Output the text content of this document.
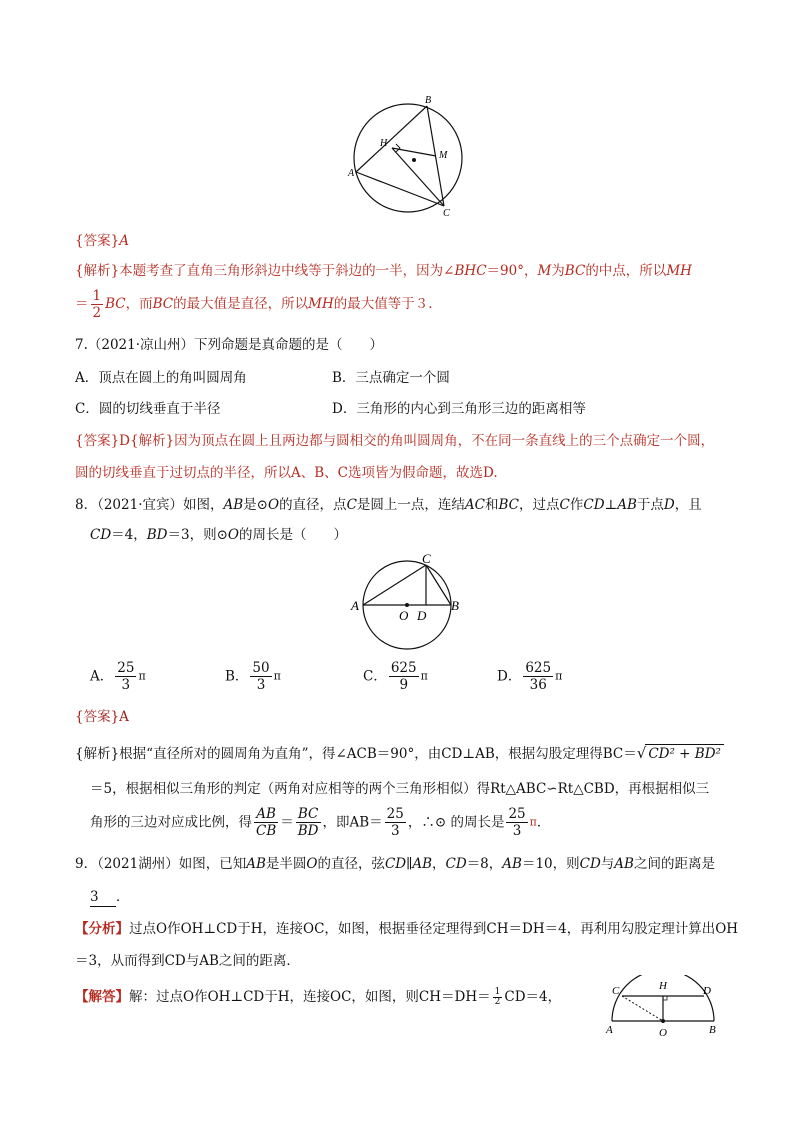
B
H
M
A
C
{答案}A
{解析}本题考查了直角三角形斜边中线等于斜边的一半，因为∠BHC＝90°，M为BC的中点，所以MH
＝ $\frac{1}{2}$ BC，而BC的最大值是直径，所以MH的最大值等于３.
7.（2021·凉山州）下列命题是真命题的是（　　）
A．顶点在圆上的角叫圆周角	B．三点确定一个圆
C．圆的切线垂直于半径	D．三角形的内心到三角形三边的距离相等
{答案}D{解析}因为顶点在圆上且两边都与圆相交的角叫圆周角，不在同一条直线上的三个点确定一个圆，
圆的切线垂直于过切点的半径，所以A、B、C选项皆为假命题，故选D.
8．（2021·宜宾）如图，AB是⊙O的直径，点C是圆上一点，连结AC和BC，过点C作CD⊥AB于点D，且
CD＝4，BD＝3，则⊙O的周长是（　　）
C
A	B
O D
A． $\frac{25}{3}$ π	B． $\frac{50}{3}$ π	C． $\frac{625}{9}$ π	D． $\frac{625}{36}$ π
{答案}A
{解析}根据“直径所对的圆周角为直角”，得∠ACB＝90°，由CD⊥AB，根据勾股定理得BC＝√ CD² + BD²
＝5，根据相似三角形的判定（两角对应相等的两个三角形相似）得Rt△ABC∽Rt△CBD，再根据相似三
角形的三边对应成比例，得 $\frac{AB}{CB} = \frac{BC}{BD}$ ，即$AB= \frac{25}{3}$ ，∴⊙ 的周长是 $\frac{25}{3}$ π．
9．（2021湖州）如图，已知AB是半圆O的直径，弦CD∥AB，CD＝8，AB＝10，则CD与AB之间的距离是
3 ．
【分析】过点O作OH⊥CD于H，连接OC，如图，根据垂径定理得到CH＝DH＝4，再利用勾股定理计算出OH
＝3，从而得到CD与AB之间的距离．
【解答】解：过点O作OH⊥CD于H，连接OC，如图，则$CH=DH= \frac{1}{2} CD=4$，	C	H	D
A	O	B
